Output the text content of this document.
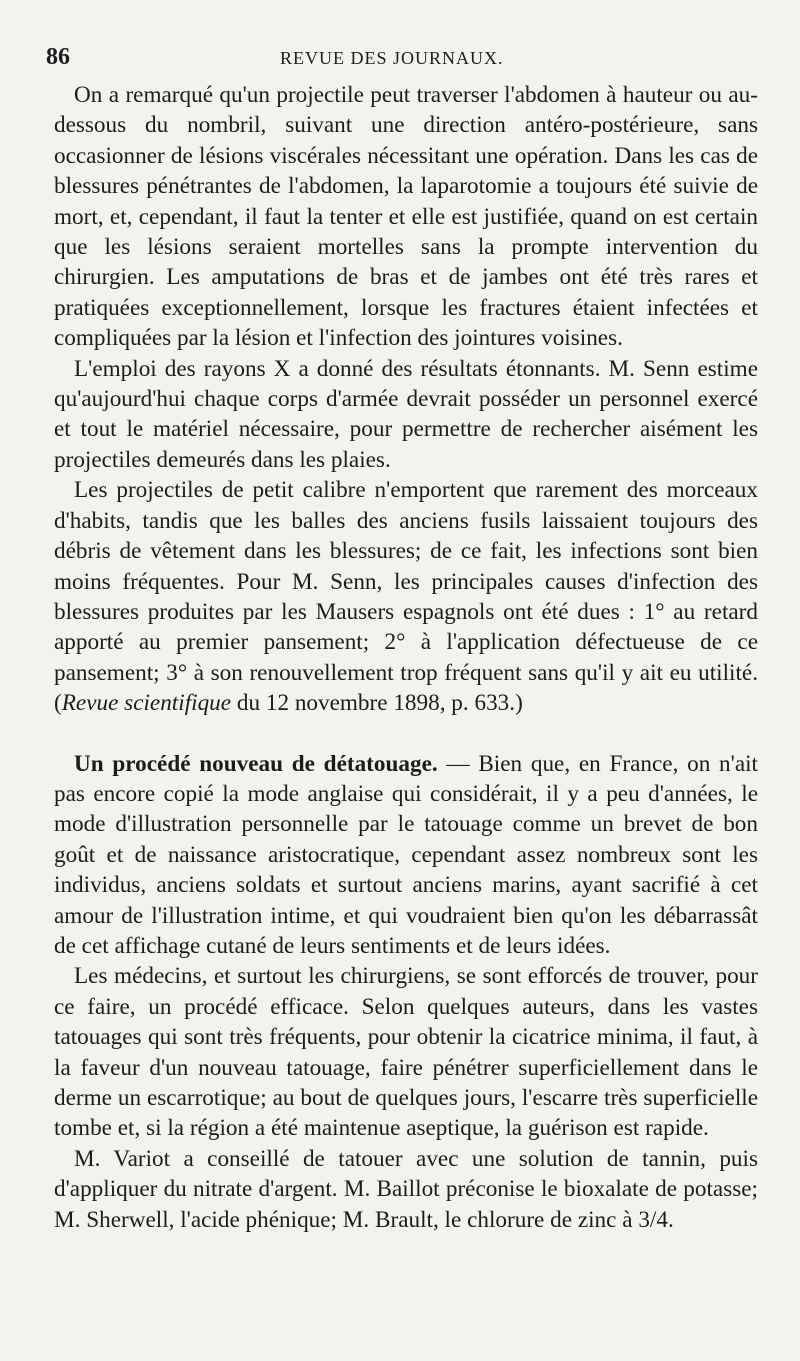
86	REVUE DES JOURNAUX.

On a remarqué qu'un projectile peut traverser l'abdomen à hauteur ou au-dessous du nombril, suivant une direction antéro-postérieure, sans occasionner de lésions viscérales nécessitant une opération. Dans les cas de blessures pénétrantes de l'abdomen, la laparotomie a toujours été suivie de mort, et, cependant, il faut la tenter et elle est justifiée, quand on est certain que les lésions seraient mortelles sans la prompte intervention du chirurgien. Les amputations de bras et de jambes ont été très rares et pratiquées exceptionnellement, lorsque les fractures étaient infectées et compliquées par la lésion et l'infection des jointures voisines.

L'emploi des rayons X a donné des résultats étonnants. M. Senn estime qu'aujourd'hui chaque corps d'armée devrait posséder un personnel exercé et tout le matériel nécessaire, pour permettre de rechercher aisément les projectiles demeurés dans les plaies.

Les projectiles de petit calibre n'emportent que rarement des morceaux d'habits, tandis que les balles des anciens fusils laissaient toujours des débris de vêtement dans les blessures; de ce fait, les infections sont bien moins fréquentes. Pour M. Senn, les principales causes d'infection des blessures produites par les Mausers espagnols ont été dues : 1° au retard apporté au premier pansement; 2° à l'application défectueuse de ce pansement; 3° à son renouvellement trop fréquent sans qu'il y ait eu utilité. (Revue scientifique du 12 novembre 1898, p. 633.)

Un procédé nouveau de détatouage. — Bien que, en France, on n'ait pas encore copié la mode anglaise qui considérait, il y a peu d'années, le mode d'illustration personnelle par le tatouage comme un brevet de bon goût et de naissance aristocratique, cependant assez nombreux sont les individus, anciens soldats et surtout anciens marins, ayant sacrifié à cet amour de l'illustration intime, et qui voudraient bien qu'on les débarrassât de cet affichage cutané de leurs sentiments et de leurs idées.

Les médecins, et surtout les chirurgiens, se sont efforcés de trouver, pour ce faire, un procédé efficace. Selon quelques auteurs, dans les vastes tatouages qui sont très fréquents, pour obtenir la cicatrice minima, il faut, à la faveur d'un nouveau tatouage, faire pénétrer superficiellement dans le derme un escarrotique; au bout de quelques jours, l'escarre très superficielle tombe et, si la région a été maintenue aseptique, la guérison est rapide.

M. Variot a conseillé de tatouer avec une solution de tannin, puis d'appliquer du nitrate d'argent. M. Baillot préconise le bioxalate de potasse; M. Sherwell, l'acide phénique; M. Brault, le chlorure de zinc à 3/4.
